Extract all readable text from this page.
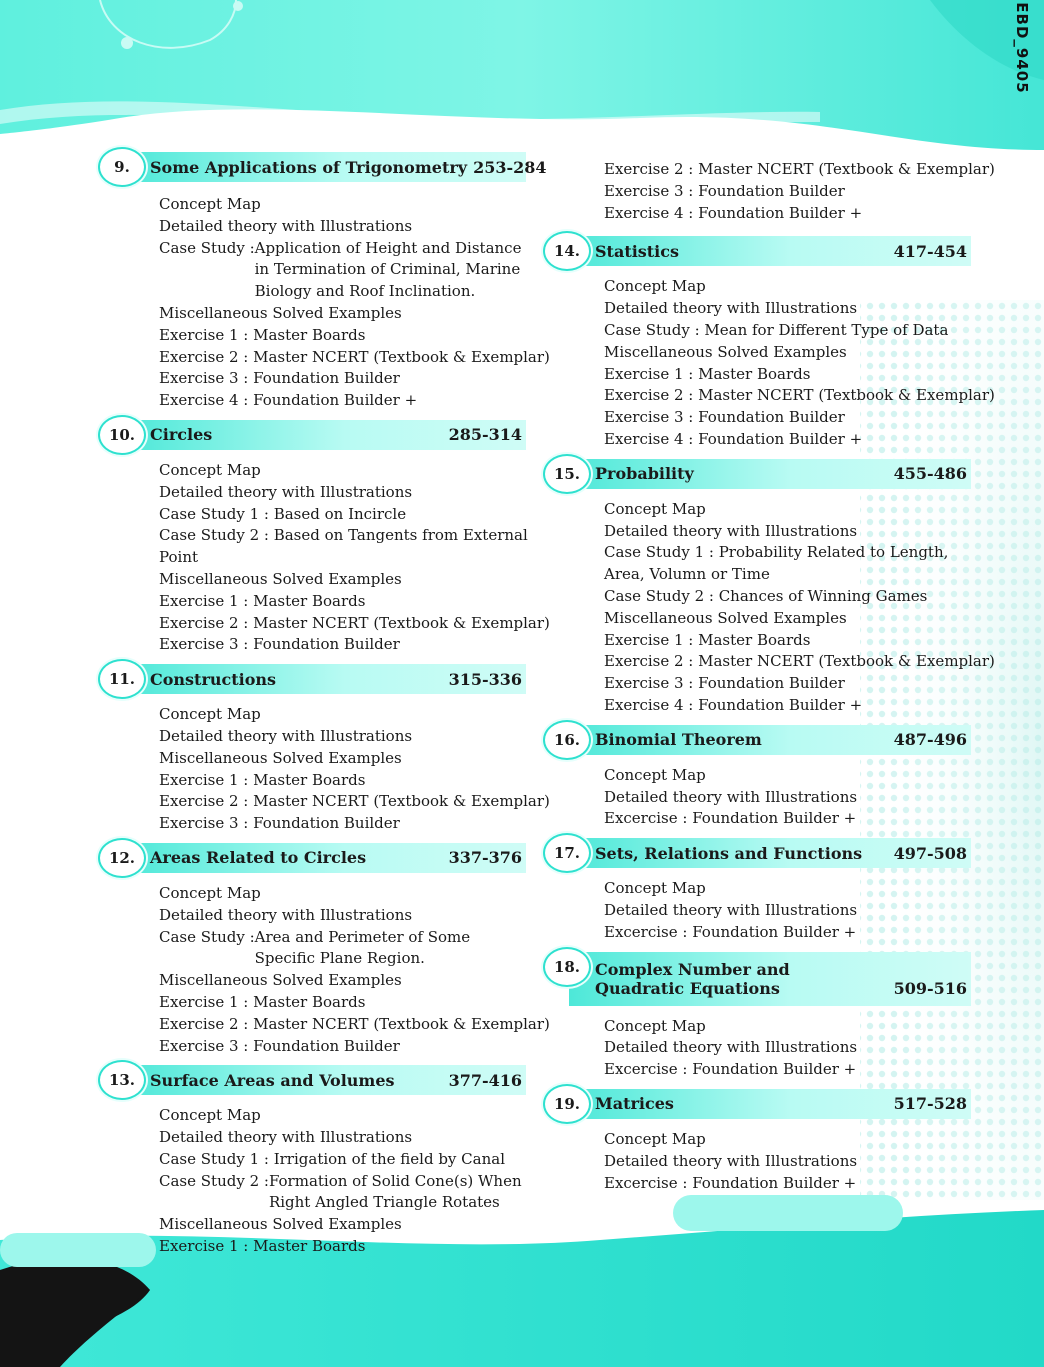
EBD_9405
9.	Some Applications of Trigonometry 253-284
Concept Map
Detailed theory with Illustrations
Case Study : Application of Height and Distance in Termination of Criminal, Marine Biology and Roof Inclination.
Miscellaneous Solved Examples
Exercise 1 : Master Boards
Exercise 2 : Master NCERT (Textbook & Exemplar)
Exercise 3 : Foundation Builder
Exercise 4 : Foundation Builder +
10. Circles	285-314
Concept Map
Detailed theory with Illustrations
Case Study 1 : Based on Incircle
Case Study 2 : Based on Tangents from External
Point
Miscellaneous Solved Examples
Exercise 1 : Master Boards
Exercise 2 : Master NCERT (Textbook & Exemplar)
Exercise 3 : Foundation Builder
11. Constructions	315-336
Concept Map
Detailed theory with Illustrations
Miscellaneous Solved Examples
Exercise 1 : Master Boards
Exercise 2 : Master NCERT (Textbook & Exemplar)
Exercise 3 : Foundation Builder
12. Areas Related to Circles	337-376
Concept Map
Detailed theory with Illustrations
Case Study : Area and Perimeter of Some Specific Plane Region.
Miscellaneous Solved Examples
Exercise 1 : Master Boards
Exercise 2 : Master NCERT (Textbook & Exemplar)
Exercise 3 : Foundation Builder
13. Surface Areas and Volumes	377-416
Concept Map
Detailed theory with Illustrations
Case Study 1 : Irrigation of the field by Canal
Case Study 2 : Formation of Solid Cone(s) When Right Angled Triangle Rotates
Miscellaneous Solved Examples
Exercise 1 : Master Boards
Exercise 2 : Master NCERT (Textbook & Exemplar)
Exercise 3 : Foundation Builder
Exercise 4 : Foundation Builder +
14. Statistics	417-454
Concept Map
Detailed theory with Illustrations
Case Study : Mean for Different Type of Data
Miscellaneous Solved Examples
Exercise 1 : Master Boards
Exercise 2 : Master NCERT (Textbook & Exemplar)
Exercise 3 : Foundation Builder
Exercise 4 : Foundation Builder +
15. Probability	455-486
Concept Map
Detailed theory with Illustrations
Case Study 1 : Probability Related to Length,
Area, Volumn or Time
Case Study 2 : Chances of Winning Games
Miscellaneous Solved Examples
Exercise 1 : Master Boards
Exercise 2 : Master NCERT (Textbook & Exemplar)
Exercise 3 : Foundation Builder
Exercise 4 : Foundation Builder +
16. Binomial Theorem	487-496
Concept Map
Detailed theory with Illustrations
Excercise : Foundation Builder +
17. Sets, Relations and Functions	497-508
Concept Map
Detailed theory with Illustrations
Excercise : Foundation Builder +
18. Complex Number and
Quadratic Equations	509-516
Concept Map
Detailed theory with Illustrations
Excercise : Foundation Builder +
19. Matrices	517-528
Concept Map
Detailed theory with Illustrations
Excercise : Foundation Builder +
